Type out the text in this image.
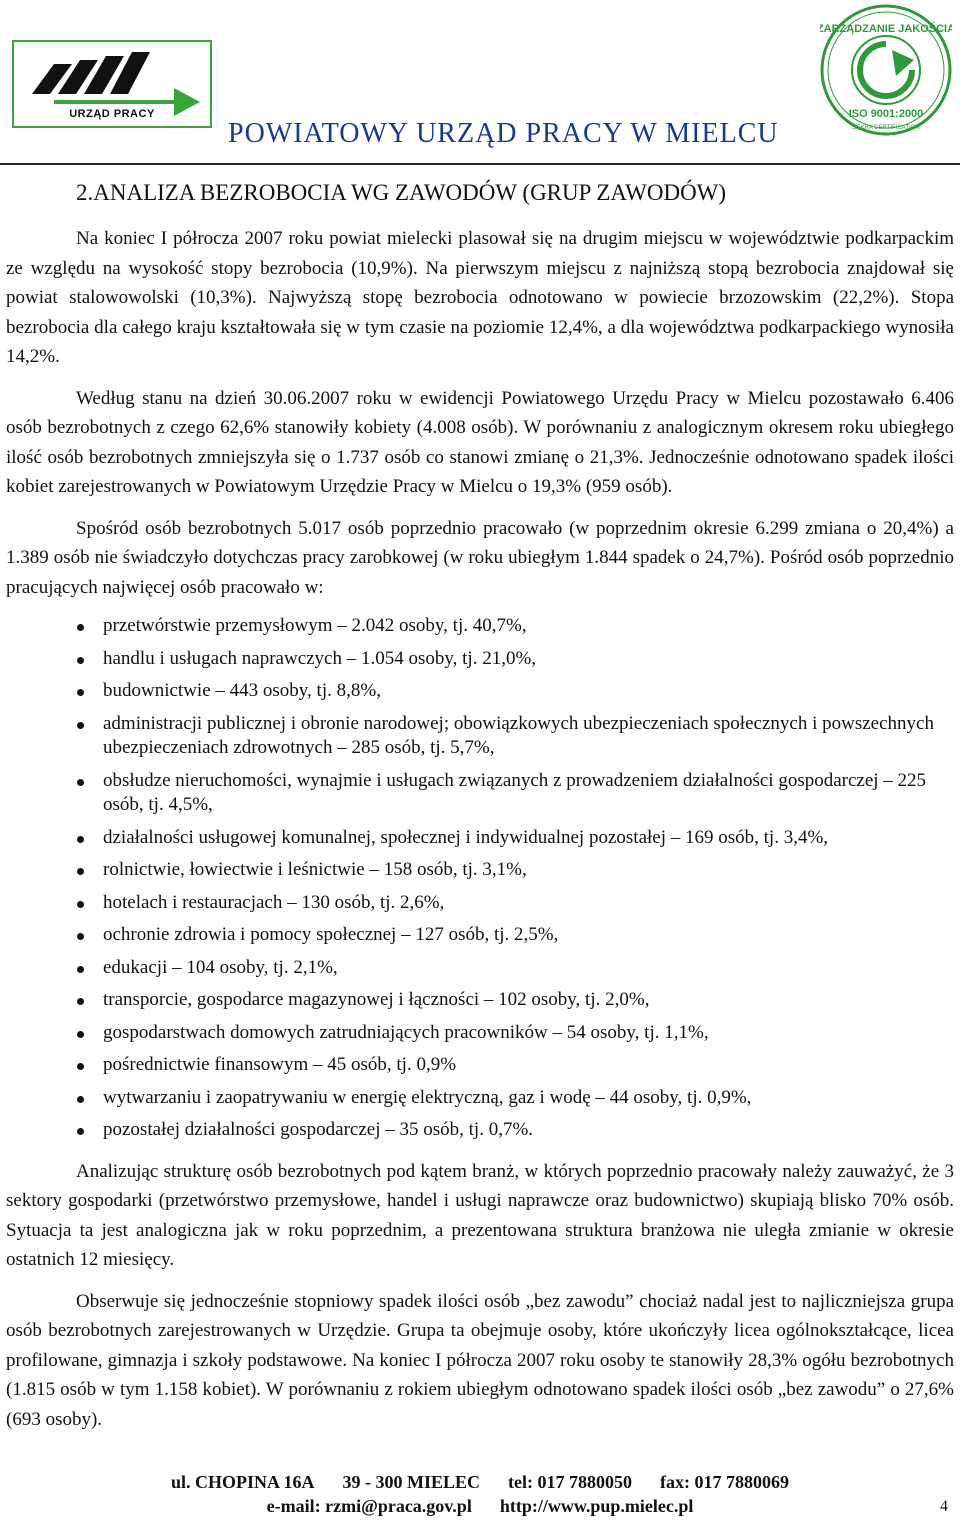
URZĄD PRACY
ZARZĄDZANIE JAKOŚCIĄ
ISO 9001:2000
DEKRA CERTIFICATION
POWIATOWY URZĄD PRACY W MIELCU
2.ANALIZA BEZROBOCIA WG ZAWODÓW (GRUP ZAWODÓW)

Na koniec I półrocza 2007 roku powiat mielecki plasował się na drugim miejscu w województwie podkarpackim ze względu na wysokość stopy bezrobocia (10,9%). Na pierwszym miejscu z najniższą stopą bezrobocia znajdował się powiat stalowowolski (10,3%). Najwyższą stopę bezrobocia odnotowano w powiecie brzozowskim (22,2%). Stopa bezrobocia dla całego kraju kształtowała się w tym czasie na poziomie 12,4%, a dla województwa podkarpackiego wynosiła 14,2%.

Według stanu na dzień 30.06.2007 roku w ewidencji Powiatowego Urzędu Pracy w Mielcu pozostawało 6.406 osób bezrobotnych z czego 62,6% stanowiły kobiety (4.008 osób). W porównaniu z analogicznym okresem roku ubiegłego ilość osób bezrobotnych zmniejszyła się o 1.737 osób co stanowi zmianę o 21,3%. Jednocześnie odnotowano spadek ilości kobiet zarejestrowanych w Powiatowym Urzędzie Pracy w Mielcu o 19,3% (959 osób).

Spośród osób bezrobotnych 5.017 osób poprzednio pracowało (w poprzednim okresie 6.299 zmiana o 20,4%) a 1.389 osób nie świadczyło dotychczas pracy zarobkowej (w roku ubiegłym 1.844 spadek o 24,7%). Pośród osób poprzednio pracujących najwięcej osób pracowało w:

przetwórstwie przemysłowym – 2.042 osoby, tj. 40,7%,
handlu i usługach naprawczych – 1.054 osoby, tj. 21,0%,
budownictwie – 443 osoby, tj. 8,8%,
administracji publicznej i obronie narodowej; obowiązkowych ubezpieczeniach społecznych i powszechnych ubezpieczeniach zdrowotnych – 285 osób, tj. 5,7%,
obsłudze nieruchomości, wynajmie i usługach związanych z prowadzeniem działalności gospodarczej – 225 osób, tj. 4,5%,
działalności usługowej komunalnej, społecznej i indywidualnej pozostałej – 169 osób, tj. 3,4%,
rolnictwie, łowiectwie i leśnictwie – 158 osób, tj. 3,1%,
hotelach i restauracjach – 130 osób, tj. 2,6%,
ochronie zdrowia i pomocy społecznej – 127 osób, tj. 2,5%,
edukacji – 104 osoby, tj. 2,1%,
transporcie, gospodarce magazynowej i łączności – 102 osoby, tj. 2,0%,
gospodarstwach domowych zatrudniających pracowników – 54 osoby, tj. 1,1%,
pośrednictwie finansowym – 45 osób, tj. 0,9%
wytwarzaniu i zaopatrywaniu w energię elektryczną, gaz i wodę – 44 osoby, tj. 0,9%,
pozostałej działalności gospodarczej – 35 osób, tj. 0,7%.

Analizując strukturę osób bezrobotnych pod kątem branż, w których poprzednio pracowały należy zauważyć, że 3 sektory gospodarki (przetwórstwo przemysłowe, handel i usługi naprawcze oraz budownictwo) skupiają blisko 70% osób. Sytuacja ta jest analogiczna jak w roku poprzednim, a prezentowana struktura branżowa nie uległa zmianie w okresie ostatnich 12 miesięcy.

Obserwuje się jednocześnie stopniowy spadek ilości osób „bez zawodu” chociaż nadal jest to najliczniejsza grupa osób bezrobotnych zarejestrowanych w Urzędzie. Grupa ta obejmuje osoby, które ukończyły licea ogólnokształcące, licea profilowane, gimnazja i szkoły podstawowe. Na koniec I półrocza 2007 roku osoby te stanowiły 28,3% ogółu bezrobotnych (1.815 osób w tym 1.158 kobiet). W porównaniu z rokiem ubiegłym odnotowano spadek ilości osób „bez zawodu” o 27,6% (693 osoby).

ul. CHOPINA 16A 39 - 300 MIELEC tel: 017 7880050 fax: 017 7880069
e-mail: rzmi@praca.gov.pl http://www.pup.mielec.pl	4
